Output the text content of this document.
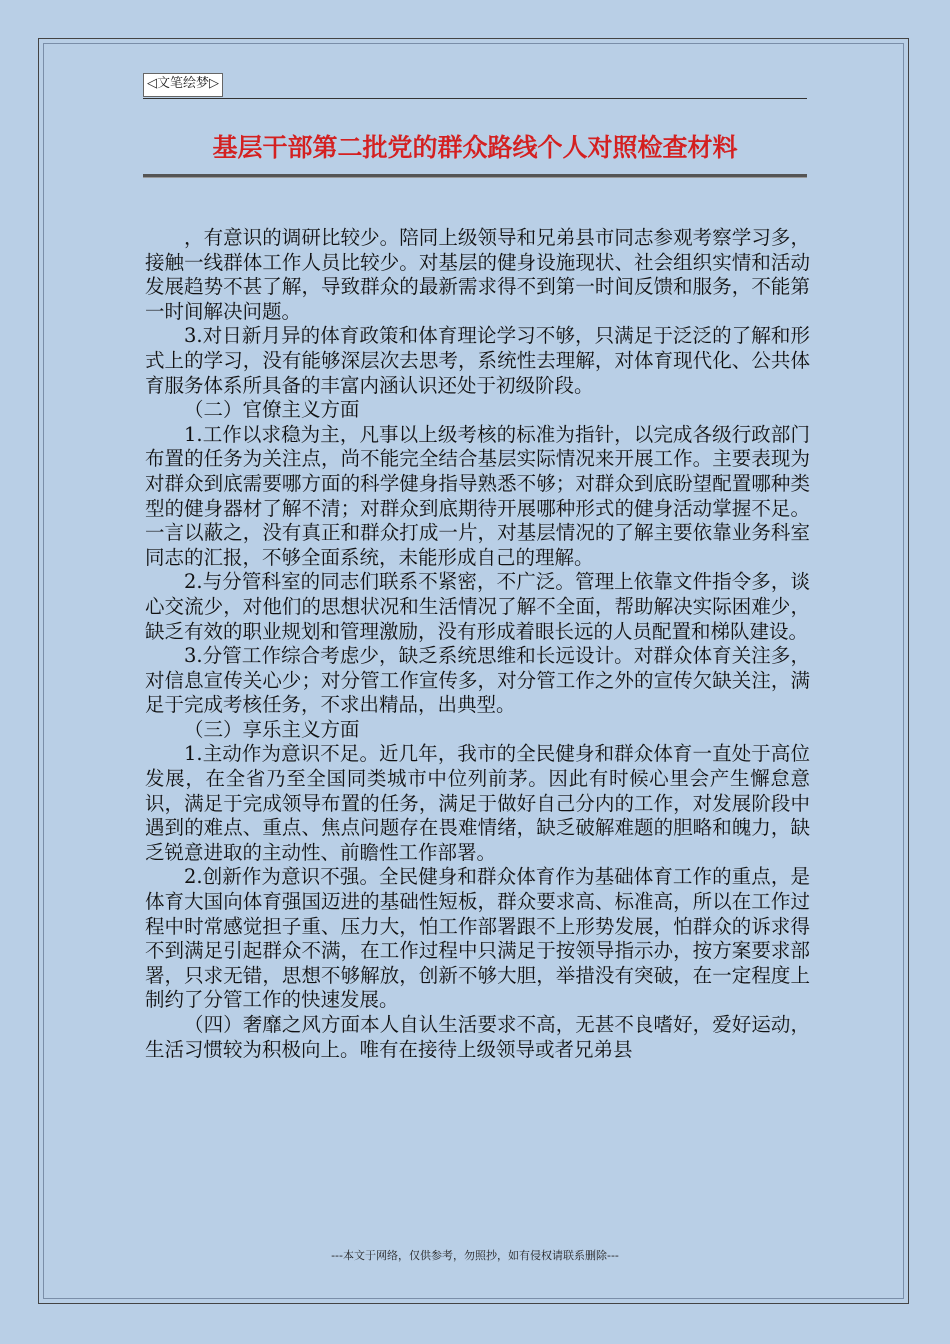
◁文笔绘梦▷
基层干部第二批党的群众路线个人对照检查材料

，有意识的调研比较少。陪同上级领导和兄弟县市同志参观考察学习多，接触一线群体工作人员比较少。对基层的健身设施现状、社会组织实情和活动发展趋势不甚了解，导致群众的最新需求得不到第一时间反馈和服务，不能第一时间解决问题。

3.对日新月异的体育政策和体育理论学习不够，只满足于泛泛的了解和形式上的学习，没有能够深层次去思考，系统性去理解，对体育现代化、公共体育服务体系所具备的丰富内涵认识还处于初级阶段。

（二）官僚主义方面

1.工作以求稳为主，凡事以上级考核的标准为指针，以完成各级行政部门布置的任务为关注点，尚不能完全结合基层实际情况来开展工作。主要表现为对群众到底需要哪方面的科学健身指导熟悉不够；对群众到底盼望配置哪种类型的健身器材了解不清；对群众到底期待开展哪种形式的健身活动掌握不足。一言以蔽之，没有真正和群众打成一片，对基层情况的了解主要依靠业务科室同志的汇报，不够全面系统，未能形成自己的理解。

2.与分管科室的同志们联系不紧密，不广泛。管理上依靠文件指令多，谈心交流少，对他们的思想状况和生活情况了解不全面，帮助解决实际困难少，缺乏有效的职业规划和管理激励，没有形成着眼长远的人员配置和梯队建设。

3.分管工作综合考虑少，缺乏系统思维和长远设计。对群众体育关注多，对信息宣传关心少；对分管工作宣传多，对分管工作之外的宣传欠缺关注，满足于完成考核任务，不求出精品，出典型。

（三）享乐主义方面

1.主动作为意识不足。近几年，我市的全民健身和群众体育一直处于高位发展，在全省乃至全国同类城市中位列前茅。因此有时候心里会产生懈怠意识，满足于完成领导布置的任务，满足于做好自己分内的工作，对发展阶段中遇到的难点、重点、焦点问题存在畏难情绪，缺乏破解难题的胆略和魄力，缺乏锐意进取的主动性、前瞻性工作部署。

2.创新作为意识不强。全民健身和群众体育作为基础体育工作的重点，是体育大国向体育强国迈进的基础性短板，群众要求高、标准高，所以在工作过程中时常感觉担子重、压力大，怕工作部署跟不上形势发展，怕群众的诉求得不到满足引起群众不满，在工作过程中只满足于按领导指示办，按方案要求部署，只求无错，思想不够解放，创新不够大胆，举措没有突破，在一定程度上制约了分管工作的快速发展。

（四）奢靡之风方面本人自认生活要求不高，无甚不良嗜好，爱好运动，生活习惯较为积极向上。唯有在接待上级领导或者兄弟县

---本文于网络，仅供参考，勿照抄，如有侵权请联系删除---
